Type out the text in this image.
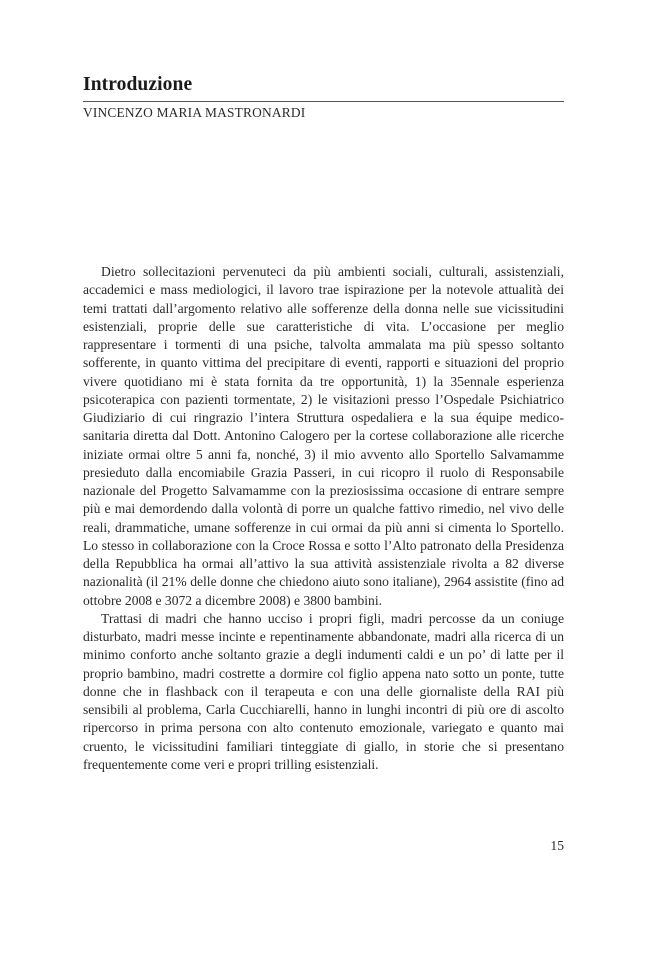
Introduzione
VINCENZO MARIA MASTRONARDI

Dietro sollecitazioni pervenuteci da più ambienti sociali, culturali, assistenziali, accademici e mass mediologici, il lavoro trae ispirazione per la notevole attualità dei temi trattati dall’argomento relativo alle sofferenze della donna nelle sue vicissitudini esistenziali, proprie delle sue caratteristiche di vita. L’occasione per meglio rappresentare i tormenti di una psiche, talvolta ammalata ma più spesso soltanto sofferente, in quanto vittima del precipitare di eventi, rapporti e situazioni del proprio vivere quotidiano mi è stata fornita da tre opportunità, 1) la 35ennale esperienza psicoterapica con pazienti tormentate, 2) le visitazioni presso l’Ospedale Psichiatrico Giudiziario di cui ringrazio l’intera Struttura ospedaliera e la sua équipe medico-sanitaria diretta dal Dott. Antonino Calogero per la cortese collaborazione alle ricerche iniziate ormai oltre 5 anni fa, nonché, 3) il mio avvento allo Sportello Salvamamme presieduto dalla encomiabile Grazia Passeri, in cui ricopro il ruolo di Responsabile nazionale del Progetto Salvamamme con la preziosissima occasione di entrare sempre più e mai demordendo dalla volontà di porre un qualche fattivo rimedio, nel vivo delle reali, drammatiche, umane sofferenze in cui ormai da più anni si cimenta lo Sportello. Lo stesso in collaborazione con la Croce Rossa e sotto l’Alto patronato della Presidenza della Repubblica ha ormai all’attivo la sua attività assistenziale rivolta a 82 diverse nazionalità (il 21% delle donne che chiedono aiuto sono italiane), 2964 assistite (fino ad ottobre 2008 e 3072 a dicembre 2008) e 3800 bambini.

Trattasi di madri che hanno ucciso i propri figli, madri percosse da un coniuge disturbato, madri messe incinte e repentinamente abbandonate, madri alla ricerca di un minimo conforto anche soltanto grazie a degli indumenti caldi e un po’ di latte per il proprio bambino, madri costrette a dormire col figlio appena nato sotto un ponte, tutte donne che in flashback con il terapeuta e con una delle giornaliste della RAI più sensibili al problema, Carla Cucchiarelli, hanno in lunghi incontri di più ore di ascolto ripercorso in prima persona con alto contenuto emozionale, variegato e quanto mai cruento, le vicissitudini familiari tinteggiate di giallo, in storie che si presentano frequentemente come veri e propri trilling esistenziali.

15
